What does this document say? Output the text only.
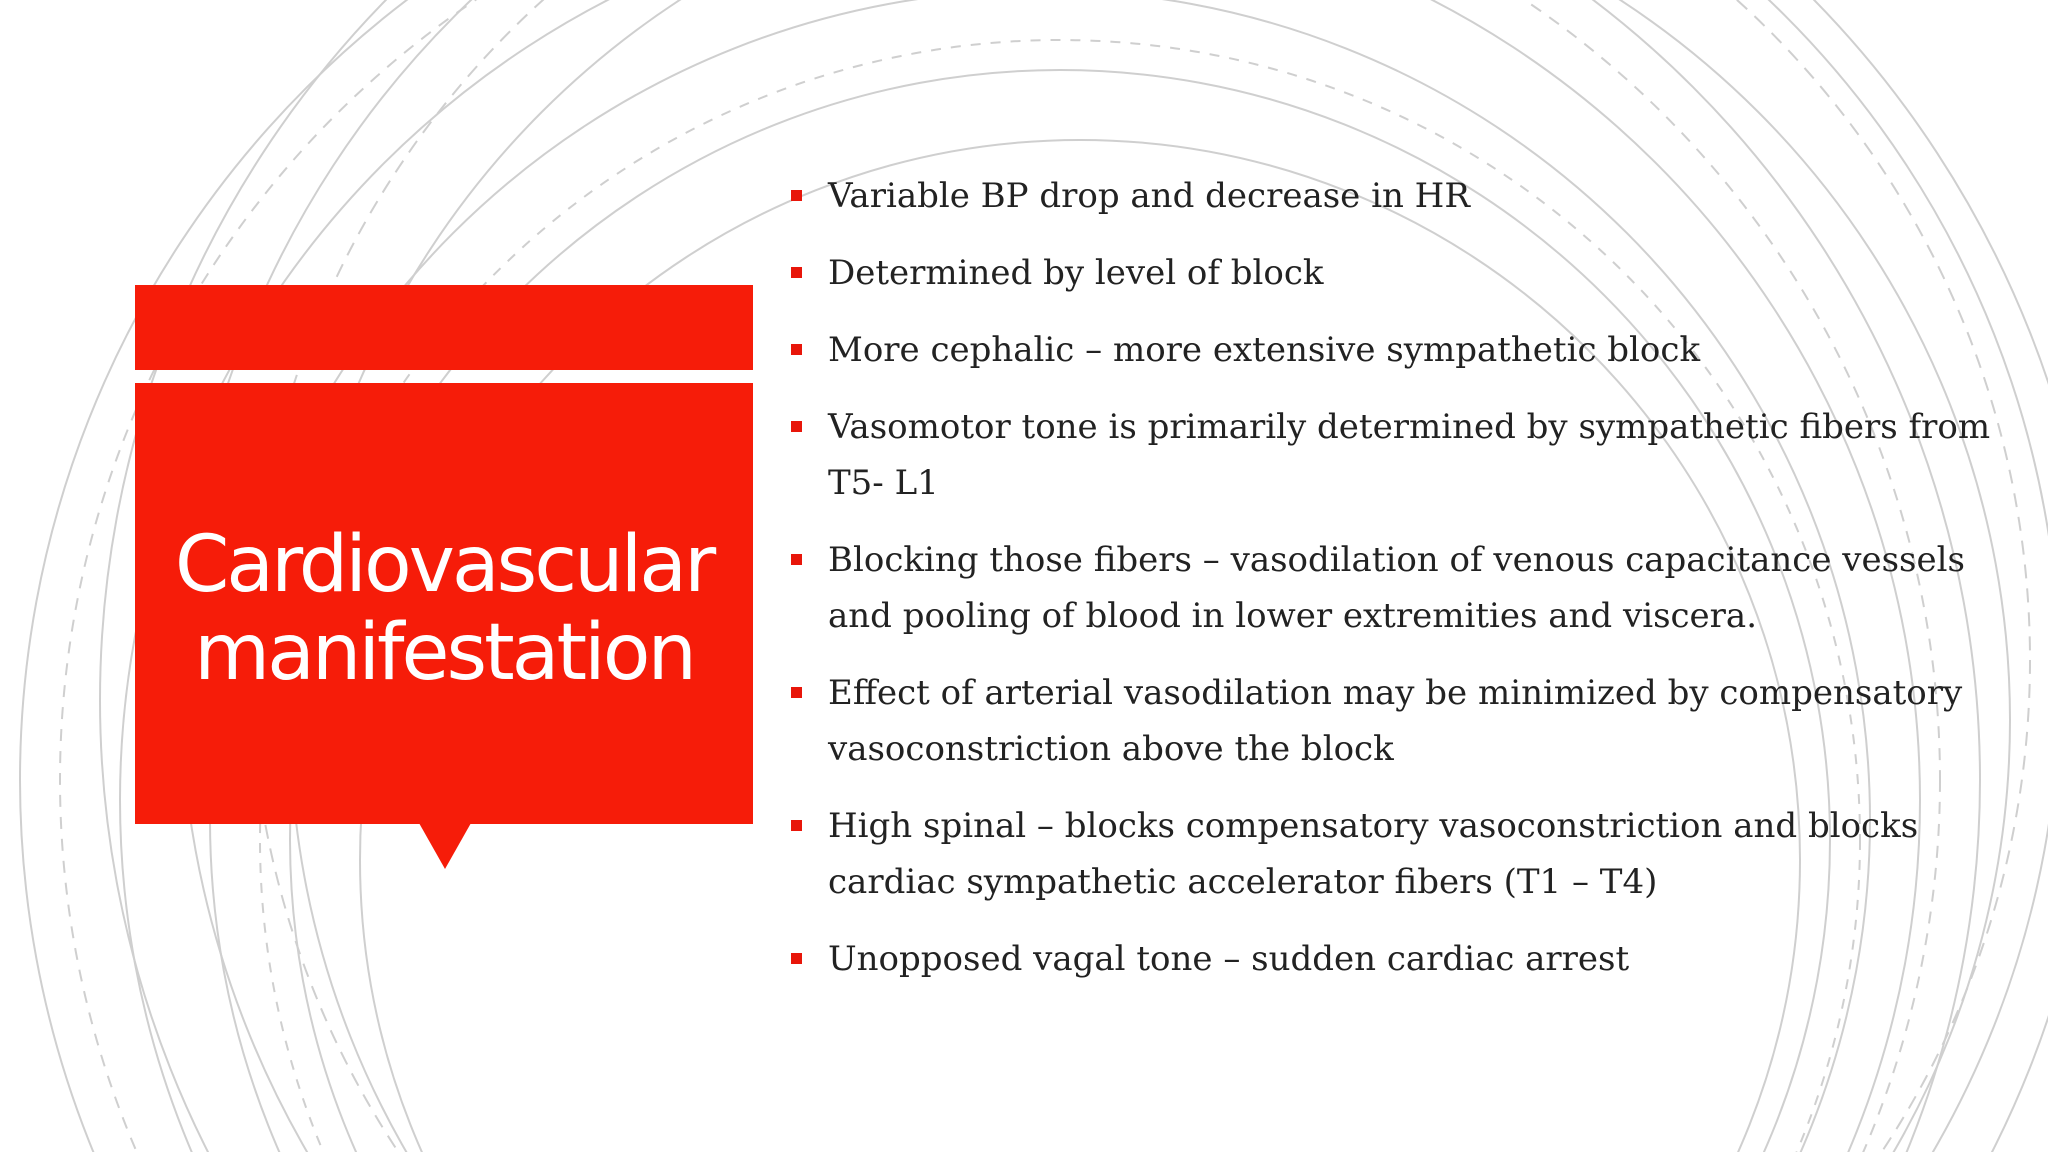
Cardiovascular manifestation
Variable BP drop and decrease in HR
Determined by level of block
More cephalic – more extensive sympathetic block
Vasomotor tone is primarily determined by sympathetic fibers from T5- L1
Blocking those fibers – vasodilation of venous capacitance vessels and pooling of blood in lower extremities and viscera.
Effect of arterial vasodilation may be minimized by compensatory vasoconstriction above the block
High spinal – blocks compensatory vasoconstriction and blocks cardiac sympathetic accelerator fibers (T1 – T4)
Unopposed vagal tone – sudden cardiac arrest
